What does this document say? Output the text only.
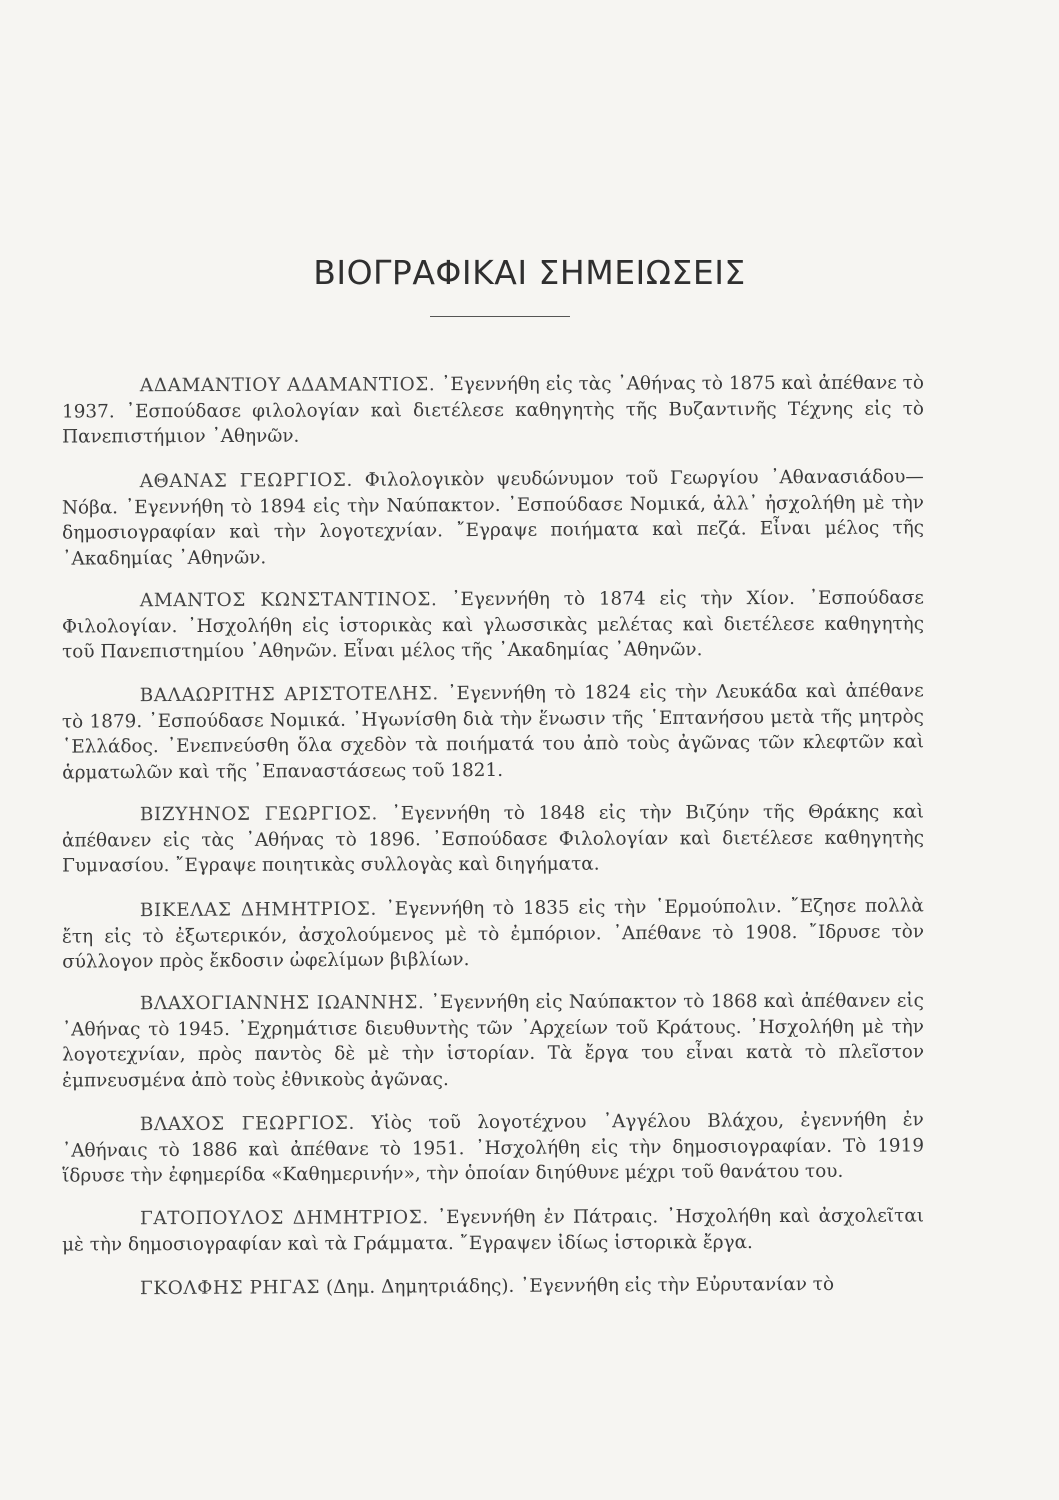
ΒΙΟΓΡΑΦΙΚΑΙ ΣΗΜΕΙΩΣΕΙΣ

ΑΔΑΜΑΝΤΙΟΥ ΑΔΑΜΑΝΤΙΟΣ. ᾿Εγεννήθη εἰς τὰς ᾿Αθήνας τὸ 1875 καὶ ἀπέθανε τὸ 1937. ᾿Εσπούδασε φιλολογίαν καὶ διετέλεσε καθηγητὴς τῆς Βυζαντινῆς Τέχνης εἰς τὸ Πανεπιστήμιον ᾿Αθηνῶν.

ΑΘΑΝΑΣ ΓΕΩΡΓΙΟΣ. Φιλολογικὸν ψευδώνυμον τοῦ Γεωργίου ᾿Αθανασιάδου—Νόβα. ᾿Εγεννήθη τὸ 1894 εἰς τὴν Ναύπακτον. ᾿Εσπούδασε Νομικά, ἀλλ᾿ ἠσχολήθη μὲ τὴν δημοσιογραφίαν καὶ τὴν λογοτεχνίαν. ῎Εγραψε ποιήματα καὶ πεζά. Εἶναι μέλος τῆς ᾿Ακαδημίας ᾿Αθηνῶν.

ΑΜΑΝΤΟΣ ΚΩΝΣΤΑΝΤΙΝΟΣ. ᾿Εγεννήθη τὸ 1874 εἰς τὴν Χίον. ᾿Εσπούδασε Φιλολογίαν. ᾿Ησχολήθη εἰς ἱστορικὰς καὶ γλωσσικὰς μελέτας καὶ διετέλεσε καθηγητὴς τοῦ Πανεπιστημίου ᾿Αθηνῶν. Εἶναι μέλος τῆς ᾿Ακαδημίας ᾿Αθηνῶν.

ΒΑΛΑΩΡΙΤΗΣ ΑΡΙΣΤΟΤΕΛΗΣ. ᾿Εγεννήθη τὸ 1824 εἰς τὴν Λευκάδα καὶ ἀπέθανε τὸ 1879. ᾿Εσπούδασε Νομικά. ᾿Ηγωνίσθη διὰ τὴν ἕνωσιν τῆς ῾Επτανήσου μετὰ τῆς μητρὸς ῾Ελλάδος. ᾿Ενεπνεύσθη ὅλα σχεδὸν τὰ ποιήματά του ἀπὸ τοὺς ἀγῶνας τῶν κλεφτῶν καὶ ἁρματωλῶν καὶ τῆς ᾿Επαναστάσεως τοῦ 1821.

ΒΙΖΥΗΝΟΣ ΓΕΩΡΓΙΟΣ. ᾿Εγεννήθη τὸ 1848 εἰς τὴν Βιζύην τῆς Θράκης καὶ ἀπέθανεν εἰς τὰς ᾿Αθήνας τὸ 1896. ᾿Εσπούδασε Φιλολογίαν καὶ διετέλεσε καθηγητὴς Γυμνασίου. ῎Εγραψε ποιητικὰς συλλογὰς καὶ διηγήματα.

ΒΙΚΕΛΑΣ ΔΗΜΗΤΡΙΟΣ. ᾿Εγεννήθη τὸ 1835 εἰς τὴν ῾Ερμούπολιν. ῎Εζησε πολλὰ ἔτη εἰς τὸ ἐξωτερικόν, ἀσχολούμενος μὲ τὸ ἐμπόριον. ᾿Απέθανε τὸ 1908. ῎Ιδρυσε τὸν σύλλογον πρὸς ἔκδοσιν ὠφελίμων βιβλίων.

ΒΛΑΧΟΓΙΑΝΝΗΣ ΙΩΑΝΝΗΣ. ᾿Εγεννήθη εἰς Ναύπακτον τὸ 1868 καὶ ἀπέθανεν εἰς ᾿Αθήνας τὸ 1945. ᾿Εχρημάτισε διευθυντὴς τῶν ᾿Αρχείων τοῦ Κράτους. ᾿Ησχολήθη μὲ τὴν λογοτεχνίαν, πρὸς παντὸς δὲ μὲ τὴν ἱστορίαν. Τὰ ἔργα του εἶναι κατὰ τὸ πλεῖστον ἐμπνευσμένα ἀπὸ τοὺς ἐθνικοὺς ἀγῶνας.

ΒΛΑΧΟΣ ΓΕΩΡΓΙΟΣ. Υἱὸς τοῦ λογοτέχνου ᾿Αγγέλου Βλάχου, ἐγεννήθη ἐν ᾿Αθήναις τὸ 1886 καὶ ἀπέθανε τὸ 1951. ᾿Ησχολήθη εἰς τὴν δημοσιογραφίαν. Τὸ 1919 ἵδρυσε τὴν ἐφημερίδα «Καθημερινήν», τὴν ὁποίαν διηύθυνε μέχρι τοῦ θανάτου του.

ΓΑΤΟΠΟΥΛΟΣ ΔΗΜΗΤΡΙΟΣ. ᾿Εγεννήθη ἐν Πάτραις. ᾿Ησχολήθη καὶ ἀσχολεῖται μὲ τὴν δημοσιογραφίαν καὶ τὰ Γράμματα. ῎Εγραψεν ἰδίως ἱστορικὰ ἔργα.

ΓΚΟΛΦΗΣ ΡΗΓΑΣ (Δημ. Δημητριάδης). ᾿Εγεννήθη εἰς τὴν Εὐρυτανίαν τὸ
